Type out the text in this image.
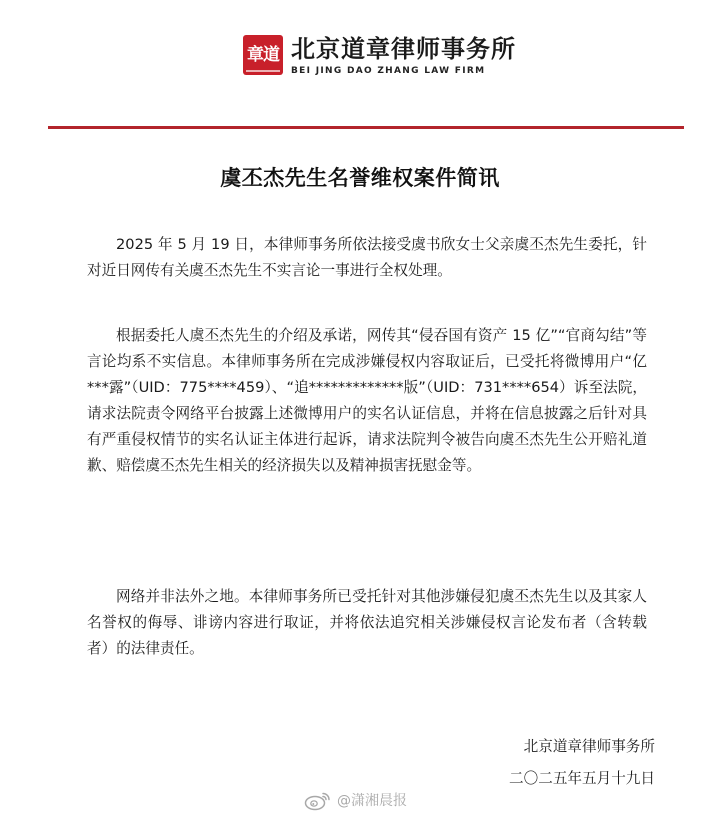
章道 北京道章律师事务所
BEI JING DAO ZHANG LAW FIRM
虞丕杰先生名誉维权案件简讯

2025 年 5 月 19 日，本律师事务所依法接受虞书欣女士父亲虞丕杰先生委托，针对近日网传有关虞丕杰先生不实言论一事进行全权处理。

根据委托人虞丕杰先生的介绍及承诺，网传其“侵吞国有资产 15 亿”“官商勾结”等言论均系不实信息。本律师事务所在完成涉嫌侵权内容取证后，已受托将微博用户“亿***露”（UID：775****459）、“追*************版”（UID：731****654）诉至法院，请求法院责令网络平台披露上述微博用户的实名认证信息，并将在信息披露之后针对具有严重侵权情节的实名认证主体进行起诉，请求法院判令被告向虞丕杰先生公开赔礼道歉、赔偿虞丕杰先生相关的经济损失以及精神损害抚慰金等。

网络并非法外之地。本律师事务所已受托针对其他涉嫌侵犯虞丕杰先生以及其家人名誉权的侮辱、诽谤内容进行取证，并将依法追究相关涉嫌侵权言论发布者（含转载者）的法律责任。

北京道章律师事务所
二〇二五年五月十九日
@潇湘晨报
